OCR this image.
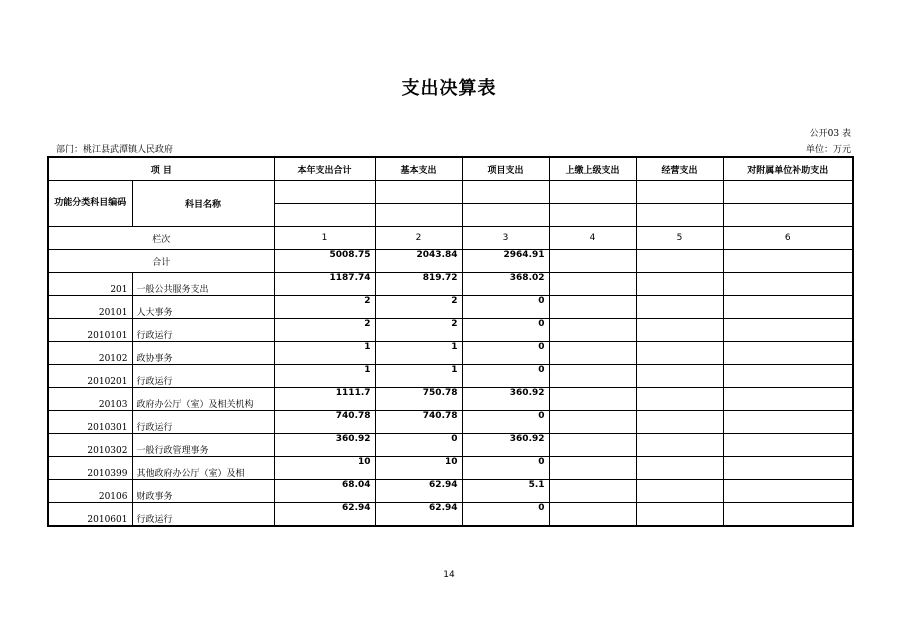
支出决算表
公开03 表
部门：桃江县武潭镇人民政府	单位：万元
项 目		本年支出合计	基本支出	项目支出	上缴上级支出	经营支出	对附属单位补助支出
功能分类科目编码	科目名称						

栏次		1	2	3	4	5	6
合计		5008.75	2043.84	2964.91			
201	一般公共服务支出	1187.74	819.72	368.02			
20101	人大事务	2	2	0			
2010101	行政运行	2	2	0			
20102	政协事务	1	1	0			
2010201	行政运行	1	1	0			
20103	政府办公厅（室）及相关机构	1111.7	750.78	360.92			
2010301	行政运行	740.78	740.78	0			
2010302	一般行政管理事务	360.92	0	360.92			
2010399	其他政府办公厅（室）及相	10	10	0			
20106	财政事务	68.04	62.94	5.1			
2010601	行政运行	62.94	62.94	0			
14
